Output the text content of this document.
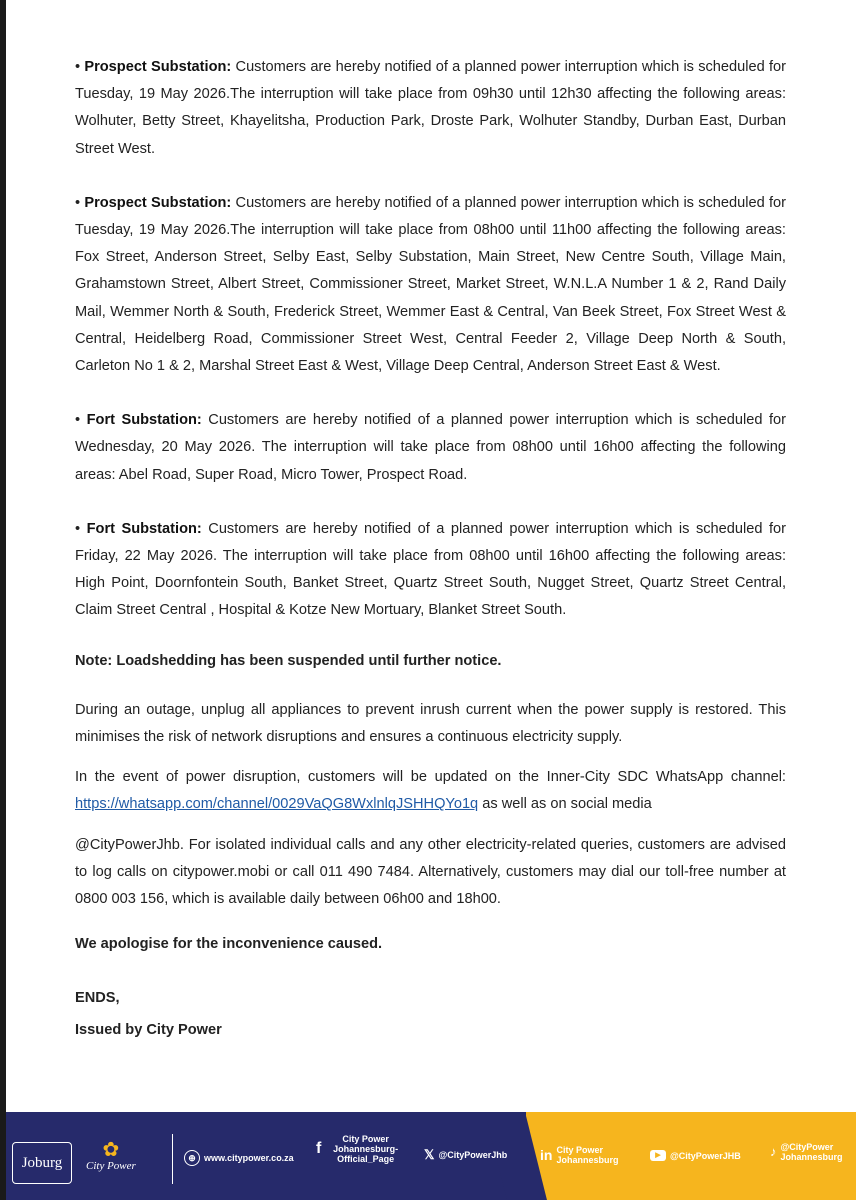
• Prospect Substation: Customers are hereby notified of a planned power interruption which is scheduled for Tuesday, 19 May 2026.The interruption will take place from 09h30 until 12h30 affecting the following areas: Wolhuter, Betty Street, Khayelitsha, Production Park, Droste Park, Wolhuter Standby, Durban East, Durban Street West.

• Prospect Substation: Customers are hereby notified of a planned power interruption which is scheduled for Tuesday, 19 May 2026.The interruption will take place from 08h00 until 11h00 affecting the following areas: Fox Street, Anderson Street, Selby East, Selby Substation, Main Street, New Centre South, Village Main, Grahamstown Street, Albert Street, Commissioner Street, Market Street, W.N.L.A Number 1 & 2, Rand Daily Mail, Wemmer North & South, Frederick Street, Wemmer East & Central, Van Beek Street, Fox Street West & Central, Heidelberg Road, Commissioner Street West, Central Feeder 2, Village Deep North & South, Carleton No 1 & 2, Marshal Street East & West, Village Deep Central, Anderson Street East & West.

• Fort Substation: Customers are hereby notified of a planned power interruption which is scheduled for Wednesday, 20 May 2026. The interruption will take place from 08h00 until 16h00 affecting the following areas: Abel Road, Super Road, Micro Tower, Prospect Road.

• Fort Substation: Customers are hereby notified of a planned power interruption which is scheduled for Friday, 22 May 2026. The interruption will take place from 08h00 until 16h00 affecting the following areas: High Point, Doornfontein South, Banket Street, Quartz Street South, Nugget Street, Quartz Street Central, Claim Street Central , Hospital & Kotze New Mortuary, Blanket Street South.

Note: Loadshedding has been suspended until further notice.

During an outage, unplug all appliances to prevent inrush current when the power supply is restored. This minimises the risk of network disruptions and ensures a continuous electricity supply.

In the event of power disruption, customers will be updated on the Inner-City SDC WhatsApp channel: https://whatsapp.com/channel/0029VaQG8WxlnlqJSHHQYo1q as well as on social media

@CityPowerJhb. For isolated individual calls and any other electricity-related queries, customers are advised to log calls on citypower.mobi or call 011 490 7484. Alternatively, customers may dial our toll-free number at 0800 003 156, which is available daily between 06h00 and 18h00.

We apologise for the inconvenience caused.

ENDS,
Issued by City Power
Joburg
✿
City Power
⊕ www.citypower.co.za
f
City Power Johannesburg-Official_Page	𝕏 @CityPowerJhb in City Power Johannesburg	▶	@CityPowerJHB ♪ @CityPower Johannesburg
